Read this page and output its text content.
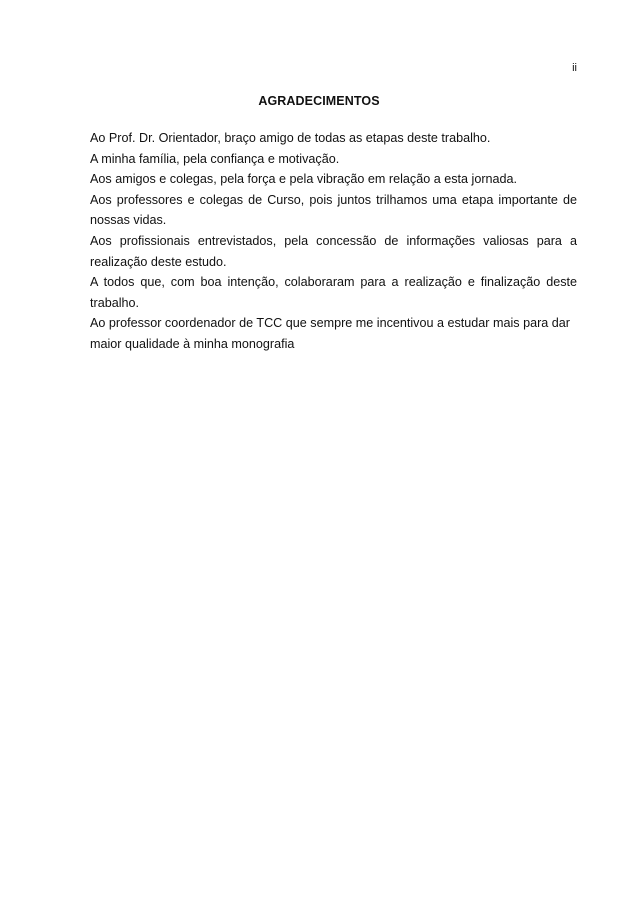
ii
AGRADECIMENTOS

Ao Prof. Dr. Orientador, braço amigo de todas as etapas deste trabalho.

A minha família, pela confiança e motivação.

Aos amigos e colegas, pela força e pela vibração em relação a esta jornada.

Aos professores e colegas de Curso, pois juntos trilhamos uma etapa importante de nossas vidas.

Aos profissionais entrevistados, pela concessão de informações valiosas para a realização deste estudo.

A todos que, com boa intenção, colaboraram para a realização e finalização deste trabalho.

Ao professor coordenador de TCC que sempre me incentivou a estudar mais para dar maior qualidade à minha monografia
